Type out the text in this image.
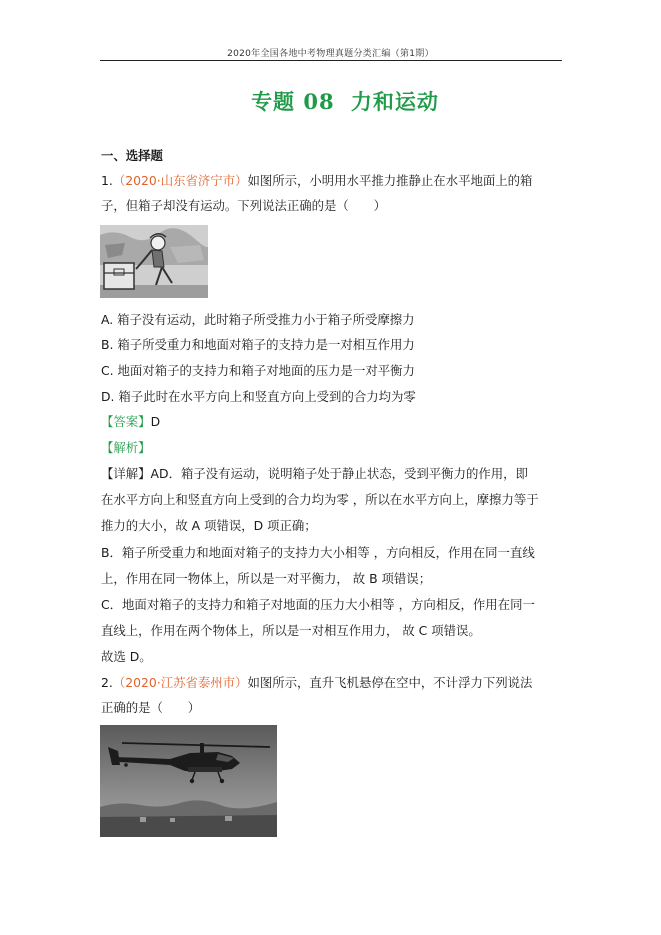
2020年全国各地中考物理真题分类汇编（第1期）
专题 08 力和运动
一、选择题
1.（2020·山东省济宁市）如图所示，小明用水平推力推静止在水平地面上的箱
子，但箱子却没有运动。下列说法正确的是（　　）
A. 箱子没有运动，此时箱子所受推力小于箱子所受摩擦力
B. 箱子所受重力和地面对箱子的支持力是一对相互作用力
C. 地面对箱子的支持力和箱子对地面的压力是一对平衡力
D. 箱子此时在水平方向上和竖直方向上受到的合力均为零
【答案】D
【解析】
【详解】AD．箱子没有运动，说明箱子处于静止状态，受到平衡力的作用，即
在水平方向上和竖直方向上受到的合力均为零 ，所以在水平方向上，摩擦力等于
推力的大小，故 A 项错误，D 项正确；
B．箱子所受重力和地面对箱子的支持力大小相等 ，方向相反，作用在同一直线
上，作用在同一物体上，所以是一对平衡力， 故 B 项错误；
C．地面对箱子的支持力和箱子对地面的压力大小相等 ，方向相反，作用在同一
直线上，作用在两个物体上，所以是一对相互作用力， 故 C 项错误。
故选 D。
2.（2020·江苏省泰州市）如图所示，直升飞机悬停在空中，不计浮力下列说法
正确的是（　　）
